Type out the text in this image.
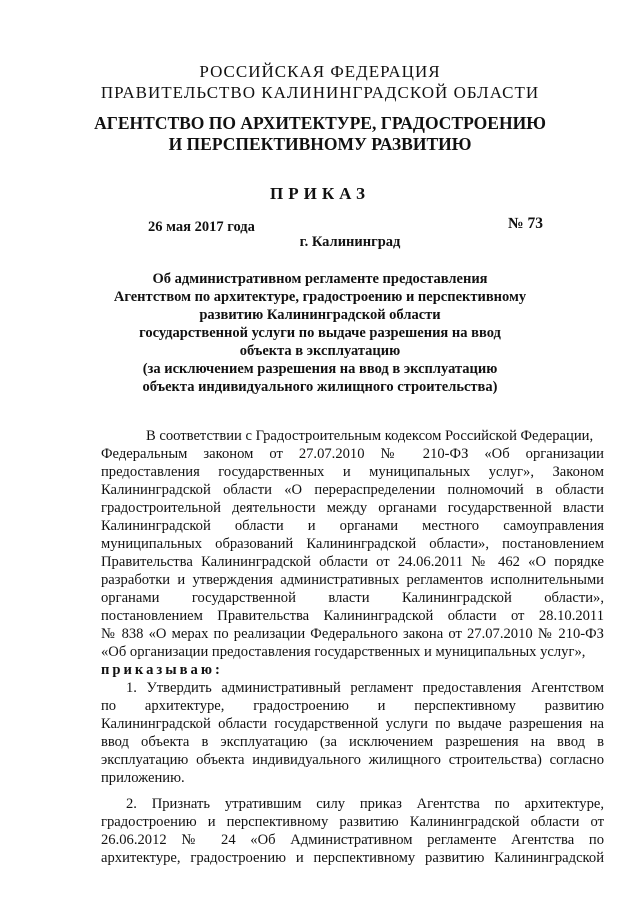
РОССИЙСКАЯ ФЕДЕРАЦИЯ
ПРАВИТЕЛЬСТВО КАЛИНИНГРАДСКОЙ ОБЛАСТИ
АГЕНТСТВО ПО АРХИТЕКТУРЕ, ГРАДОСТРОЕНИЮ
И ПЕРСПЕКТИВНОМУ РАЗВИТИЮ
ПРИКАЗ
26 мая 2017 года	№ 73
г. Калининград
Об административном регламенте предоставления
Агентством по архитектуре, градостроению и перспективному
развитию Калининградской области
государственной услуги по выдаче разрешения на ввод
объекта в эксплуатацию
(за исключением разрешения на ввод в эксплуатацию
объекта индивидуального жилищного строительства)
В соответствии с Градостроительным кодексом Российской Федерации,
Федеральным законом от 27.07.2010 № 210-ФЗ «Об организации
предоставления государственных и муниципальных услуг», Законом
Калининградской области «О перераспределении полномочий в области
градостроительной деятельности между органами государственной власти
Калининградской области и органами местного самоуправления
муниципальных образований Калининградской области», постановлением
Правительства Калининградской области от 24.06.2011 № 462 «О порядке
разработки и утверждения административных регламентов исполнительными
органами государственной власти Калининградской области»,
постановлением Правительства Калининградской области от 28.10.2011
№ 838 «О мерах по реализации Федерального закона от 27.07.2010 № 210-ФЗ
«Об организации предоставления государственных и муниципальных услуг»,
приказываю:
1. Утвердить административный регламент предоставления Агентством
по архитектуре, градостроению и перспективному развитию
Калининградской области государственной услуги по выдаче разрешения на
ввод объекта в эксплуатацию (за исключением разрешения на ввод в
эксплуатацию объекта индивидуального жилищного строительства) согласно
приложению.
2. Признать утратившим силу приказ Агентства по архитектуре,
градостроению и перспективному развитию Калининградской области от
26.06.2012 № 24 «Об Административном регламенте Агентства по
архитектуре, градостроению и перспективному развитию Калининградской
